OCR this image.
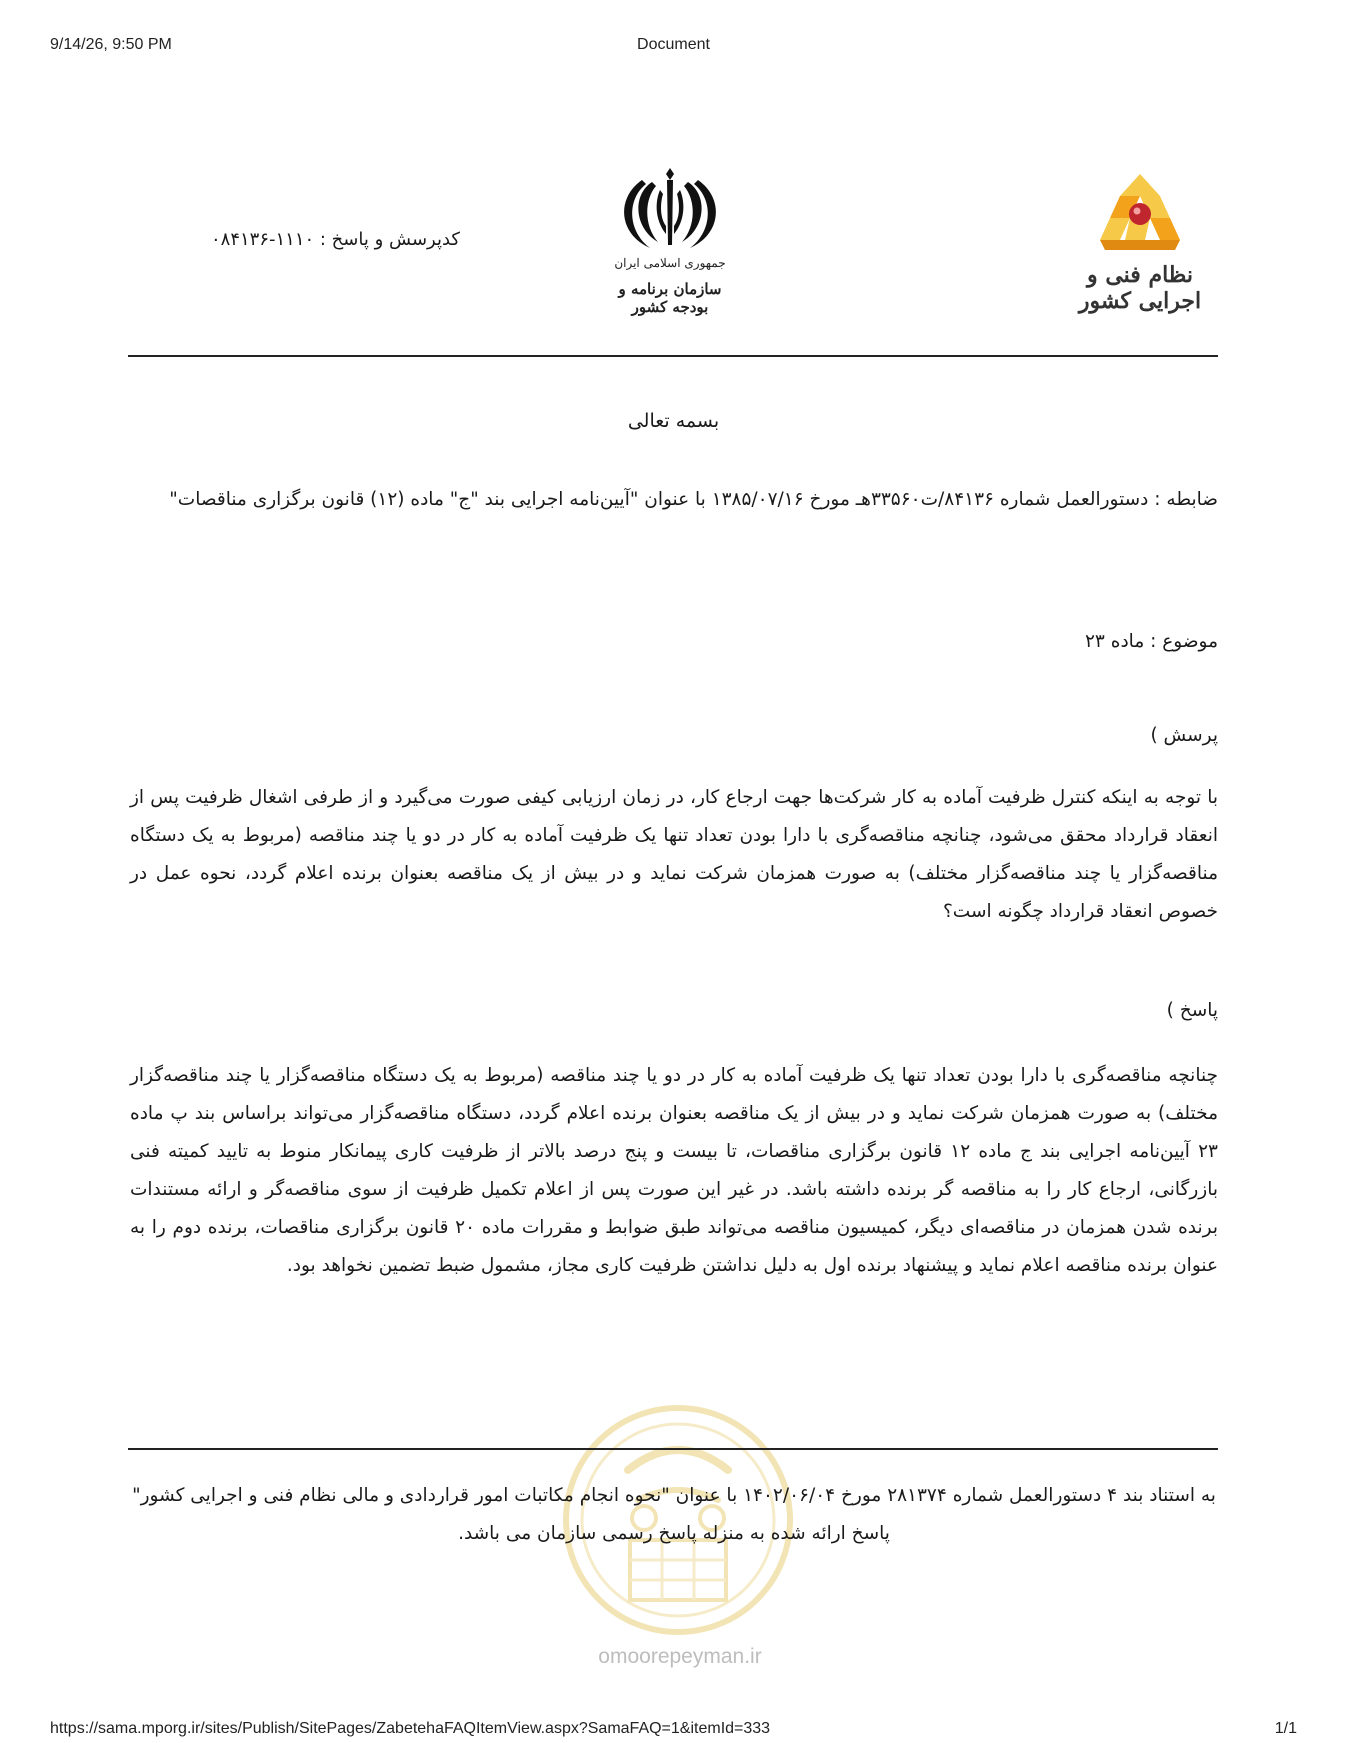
9/14/26, 9:50 PM	Document
نظام فنی و اجرایی کشور
جمهوری اسلامی ایران
سازمان برنامه و بودجه کشور
کدپرسش و پاسخ : ۱۱۱۰-۰۸۴۱۳۶
بسمه تعالی
ضابطه : دستورالعمل شماره ۸۴۱۳۶/ت۳۳۵۶۰هـ مورخ ۱۳۸۵/۰۷/۱۶ با عنوان "آیین‌نامه اجرایی بند "ج" ماده (۱۲) قانون برگزاری مناقصات"
موضوع : ماده ۲۳
پرسش )
با توجه به اینکه کنترل ظرفیت آماده به کار شرکت‌ها جهت ارجاع کار، در زمان ارزیابی کیفی صورت می‌گیرد و از طرفی اشغال ظرفیت پس از انعقاد قرارداد محقق می‌شود، چنانچه مناقصه‌گری با دارا بودن تعداد تنها یک ظرفیت آماده به کار در دو یا چند مناقصه (مربوط به یک دستگاه مناقصه‌گزار یا چند مناقصه‌گزار مختلف) به صورت همزمان شرکت نماید و در بیش از یک مناقصه بعنوان برنده اعلام گردد، نحوه عمل در خصوص انعقاد قرارداد چگونه است؟
پاسخ )
چنانچه مناقصه‌گری با دارا بودن تعداد تنها یک ظرفیت آماده به کار در دو یا چند مناقصه (مربوط به یک دستگاه مناقصه‌گزار یا چند مناقصه‌گزار مختلف) به صورت همزمان شرکت نماید و در بیش از یک مناقصه بعنوان برنده اعلام گردد، دستگاه مناقصه‌گزار می‌تواند براساس بند پ ماده ۲۳ آیین‌نامه اجرایی بند ج ماده ۱۲ قانون برگزاری مناقصات، تا بیست و پنج درصد بالاتر از ظرفیت کاری پیمانکار منوط به تایید کمیته فنی بازرگانی، ارجاع کار را به مناقصه گر برنده داشته باشد. در غیر این صورت پس از اعلام تکمیل ظرفیت از سوی مناقصه‌گر و ارائه مستندات برنده شدن همزمان در مناقصه‌ای دیگر، کمیسیون مناقصه می‌تواند طبق ضوابط و مقررات ماده ۲۰ قانون برگزاری مناقصات، برنده دوم را به عنوان برنده مناقصه اعلام نماید و پیشنهاد برنده اول به دلیل نداشتن ظرفیت کاری مجاز، مشمول ضبط تضمین نخواهد بود.
به استناد بند ۴ دستورالعمل شماره ۲۸۱۳۷۴ مورخ ۱۴۰۲/۰۶/۰۴ با عنوان "نحوه انجام مکاتبات امور قراردادی و مالی نظام فنی و اجرایی کشور" پاسخ ارائه شده به منزله پاسخ رسمی سازمان می باشد.
omoorepeyman.ir
https://sama.mporg.ir/sites/Publish/SitePages/ZabetehaFAQItemView.aspx?SamaFAQ=1&itemId=333	1/1
